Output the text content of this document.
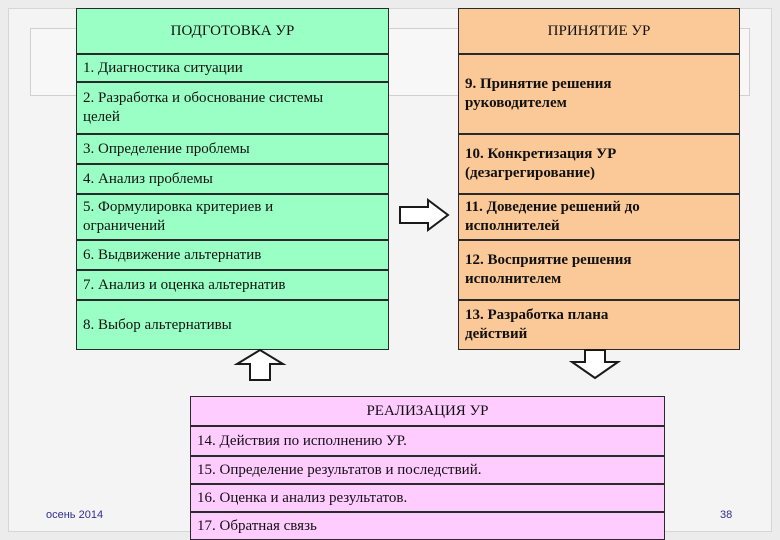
ПОДГОТОВКА УР
1. Диагностика ситуации
2. Разработка и обоснование системы целей
3. Определение проблемы
4. Анализ проблемы
5. Формулировка критериев и ограничений
6. Выдвижение альтернатив
7. Анализ и оценка альтернатив
8. Выбор альтернативы
ПРИНЯТИЕ УР
9. Принятие решения руководителем
10. Конкретизация УР (дезагрегирование)
11. Доведение решений до исполнителей
12. Восприятие решения исполнителем
13. Разработка плана действий
РЕАЛИЗАЦИЯ УР
14. Действия по исполнению УР.
15. Определение результатов и последствий.
16. Оценка и анализ результатов.
17. Обратная связь
осень 2014	38
